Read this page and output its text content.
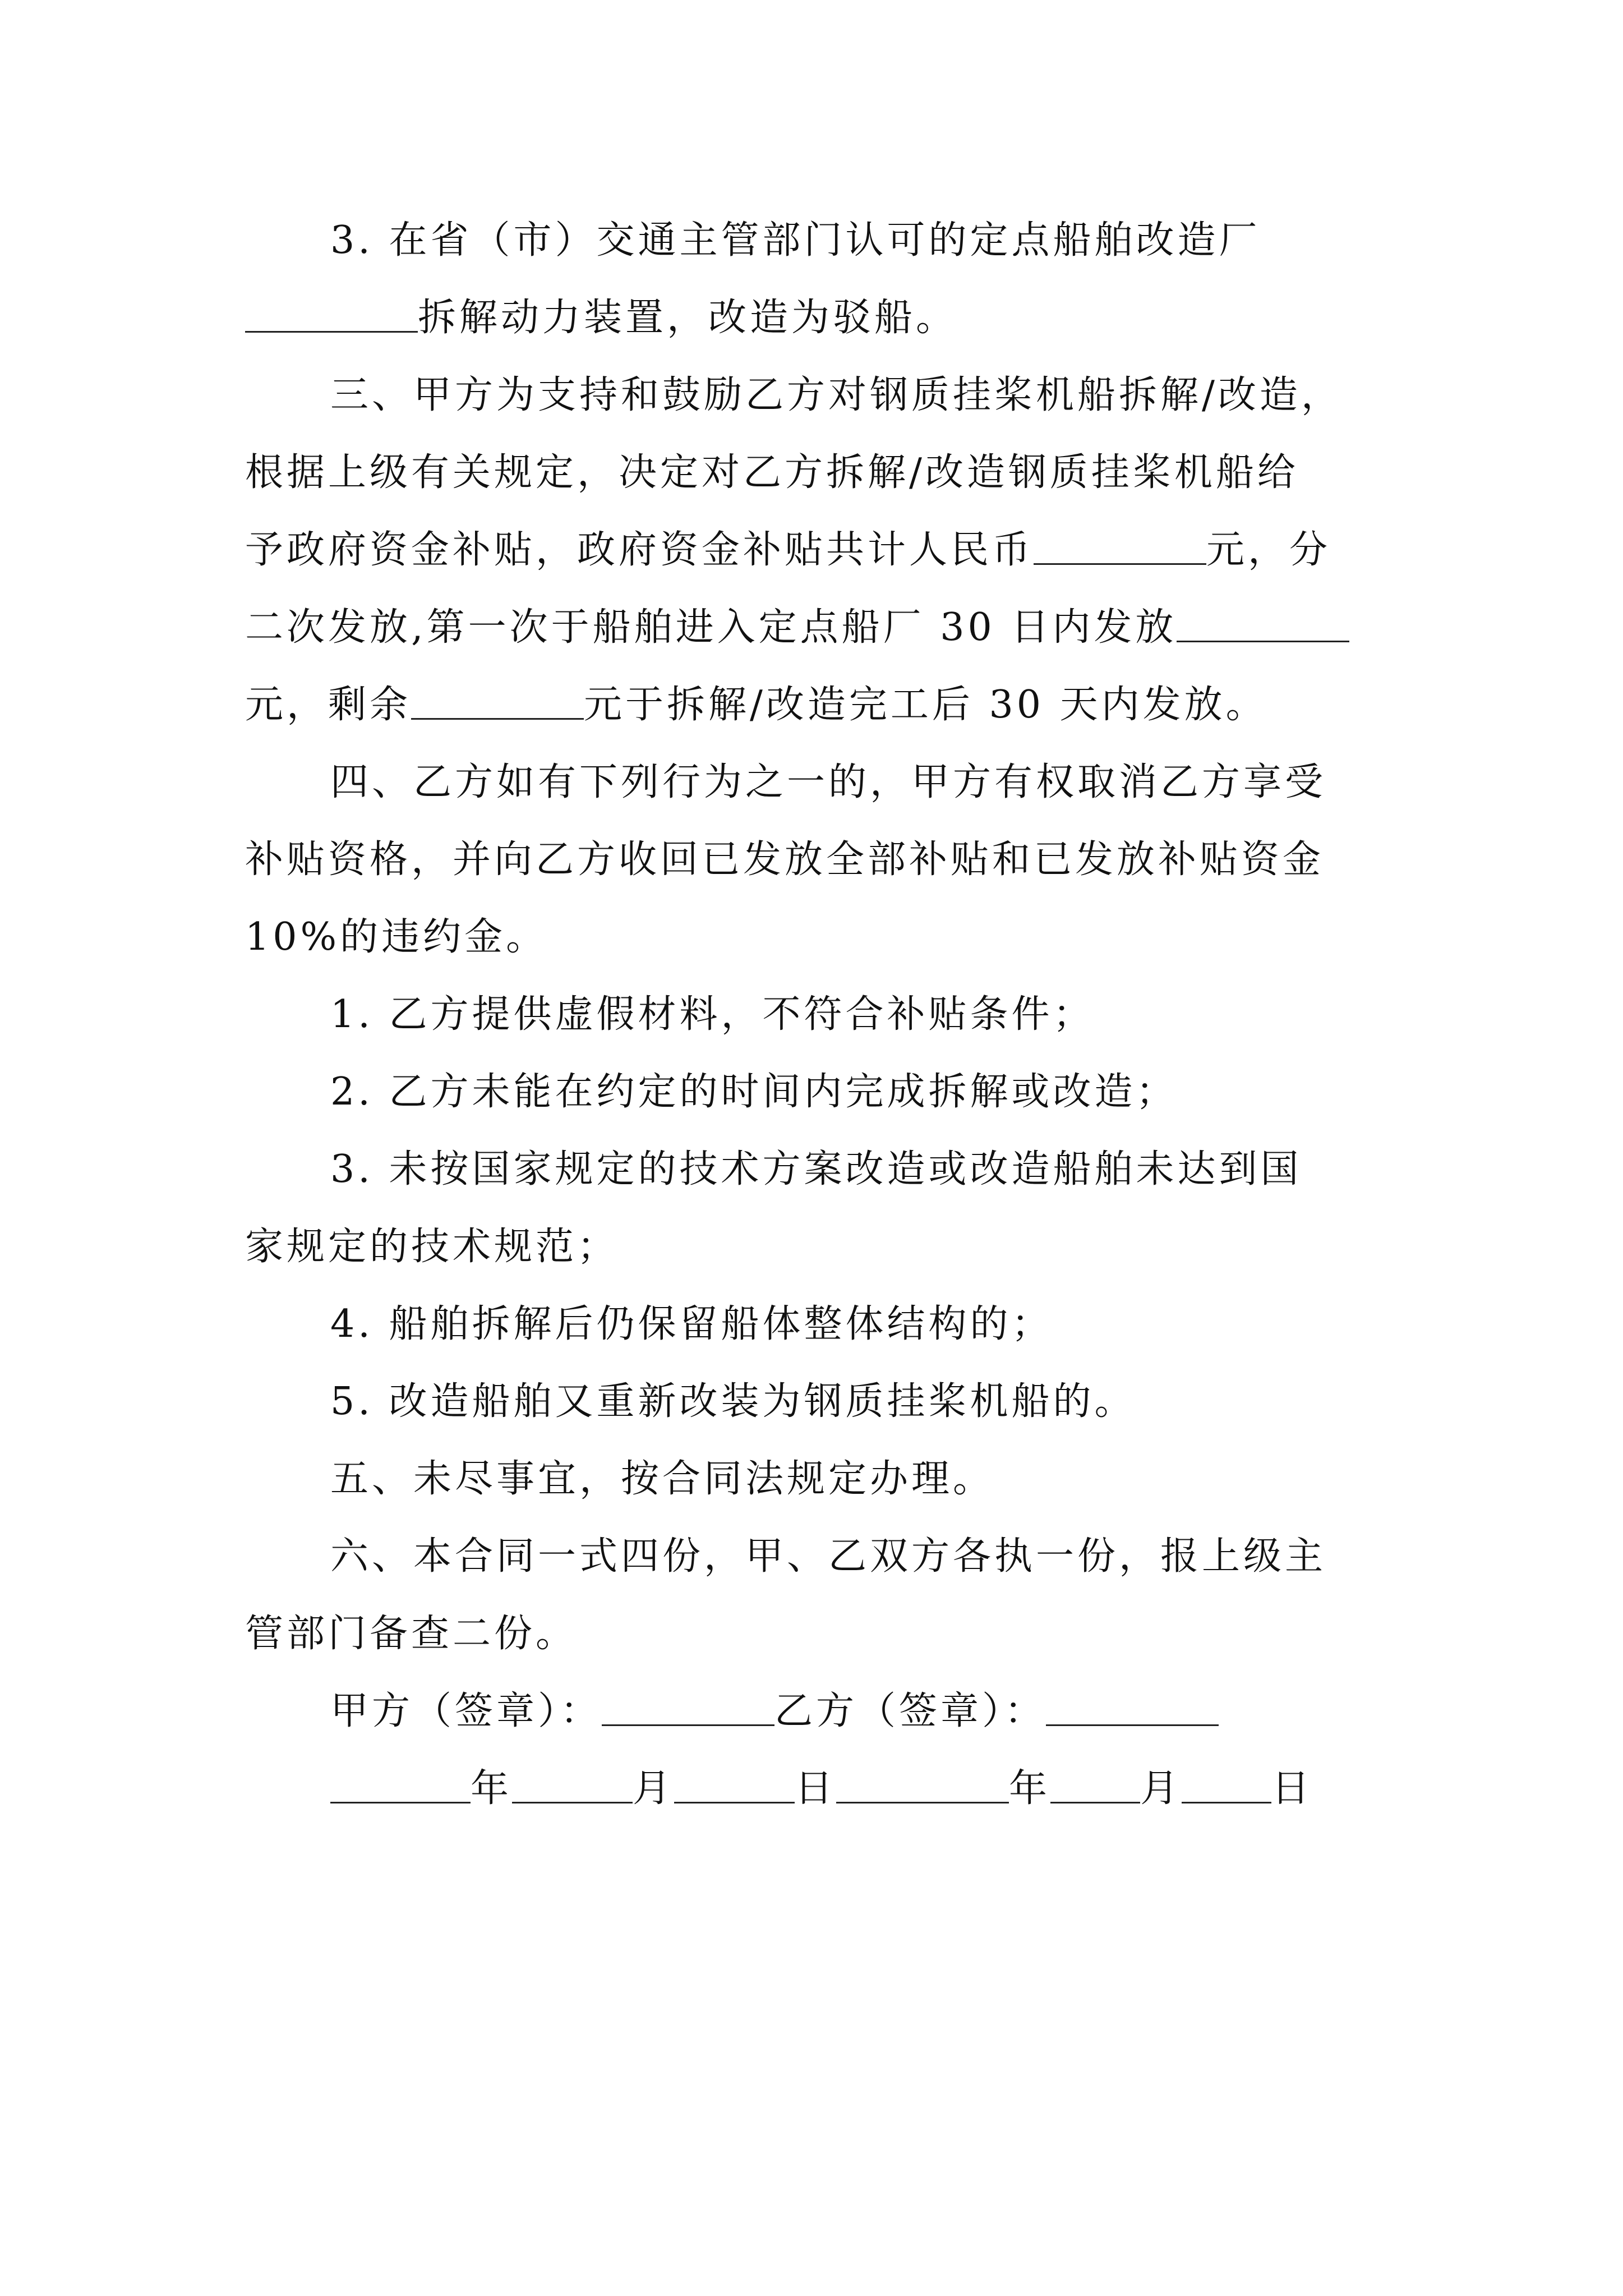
3. 在省（市）交通主管部门认可的定点船舶改造厂
拆解动力装置，改造为驳船。
三、甲方为支持和鼓励乙方对钢质挂桨机船拆解/改造，
根据上级有关规定，决定对乙方拆解/改造钢质挂桨机船给
予政府资金补贴，政府资金补贴共计人民币	元，分
二次发放,第一次于船舶进入定点船厂 30 日内发放
元，剩余	元于拆解/改造完工后 30 天内发放。
四、乙方如有下列行为之一的，甲方有权取消乙方享受
补贴资格，并向乙方收回已发放全部补贴和已发放补贴资金
10%的违约金。
1. 乙方提供虚假材料，不符合补贴条件；
2. 乙方未能在约定的时间内完成拆解或改造；
3. 未按国家规定的技术方案改造或改造船舶未达到国
家规定的技术规范；
4. 船舶拆解后仍保留船体整体结构的；
5. 改造船舶又重新改装为钢质挂桨机船的。
五、未尽事宜，按合同法规定办理。
六、本合同一式四份，甲、乙双方各执一份，报上级主
管部门备查二份。
甲方（签章）：	乙方（签章）：
年	月	日	年 月 日
